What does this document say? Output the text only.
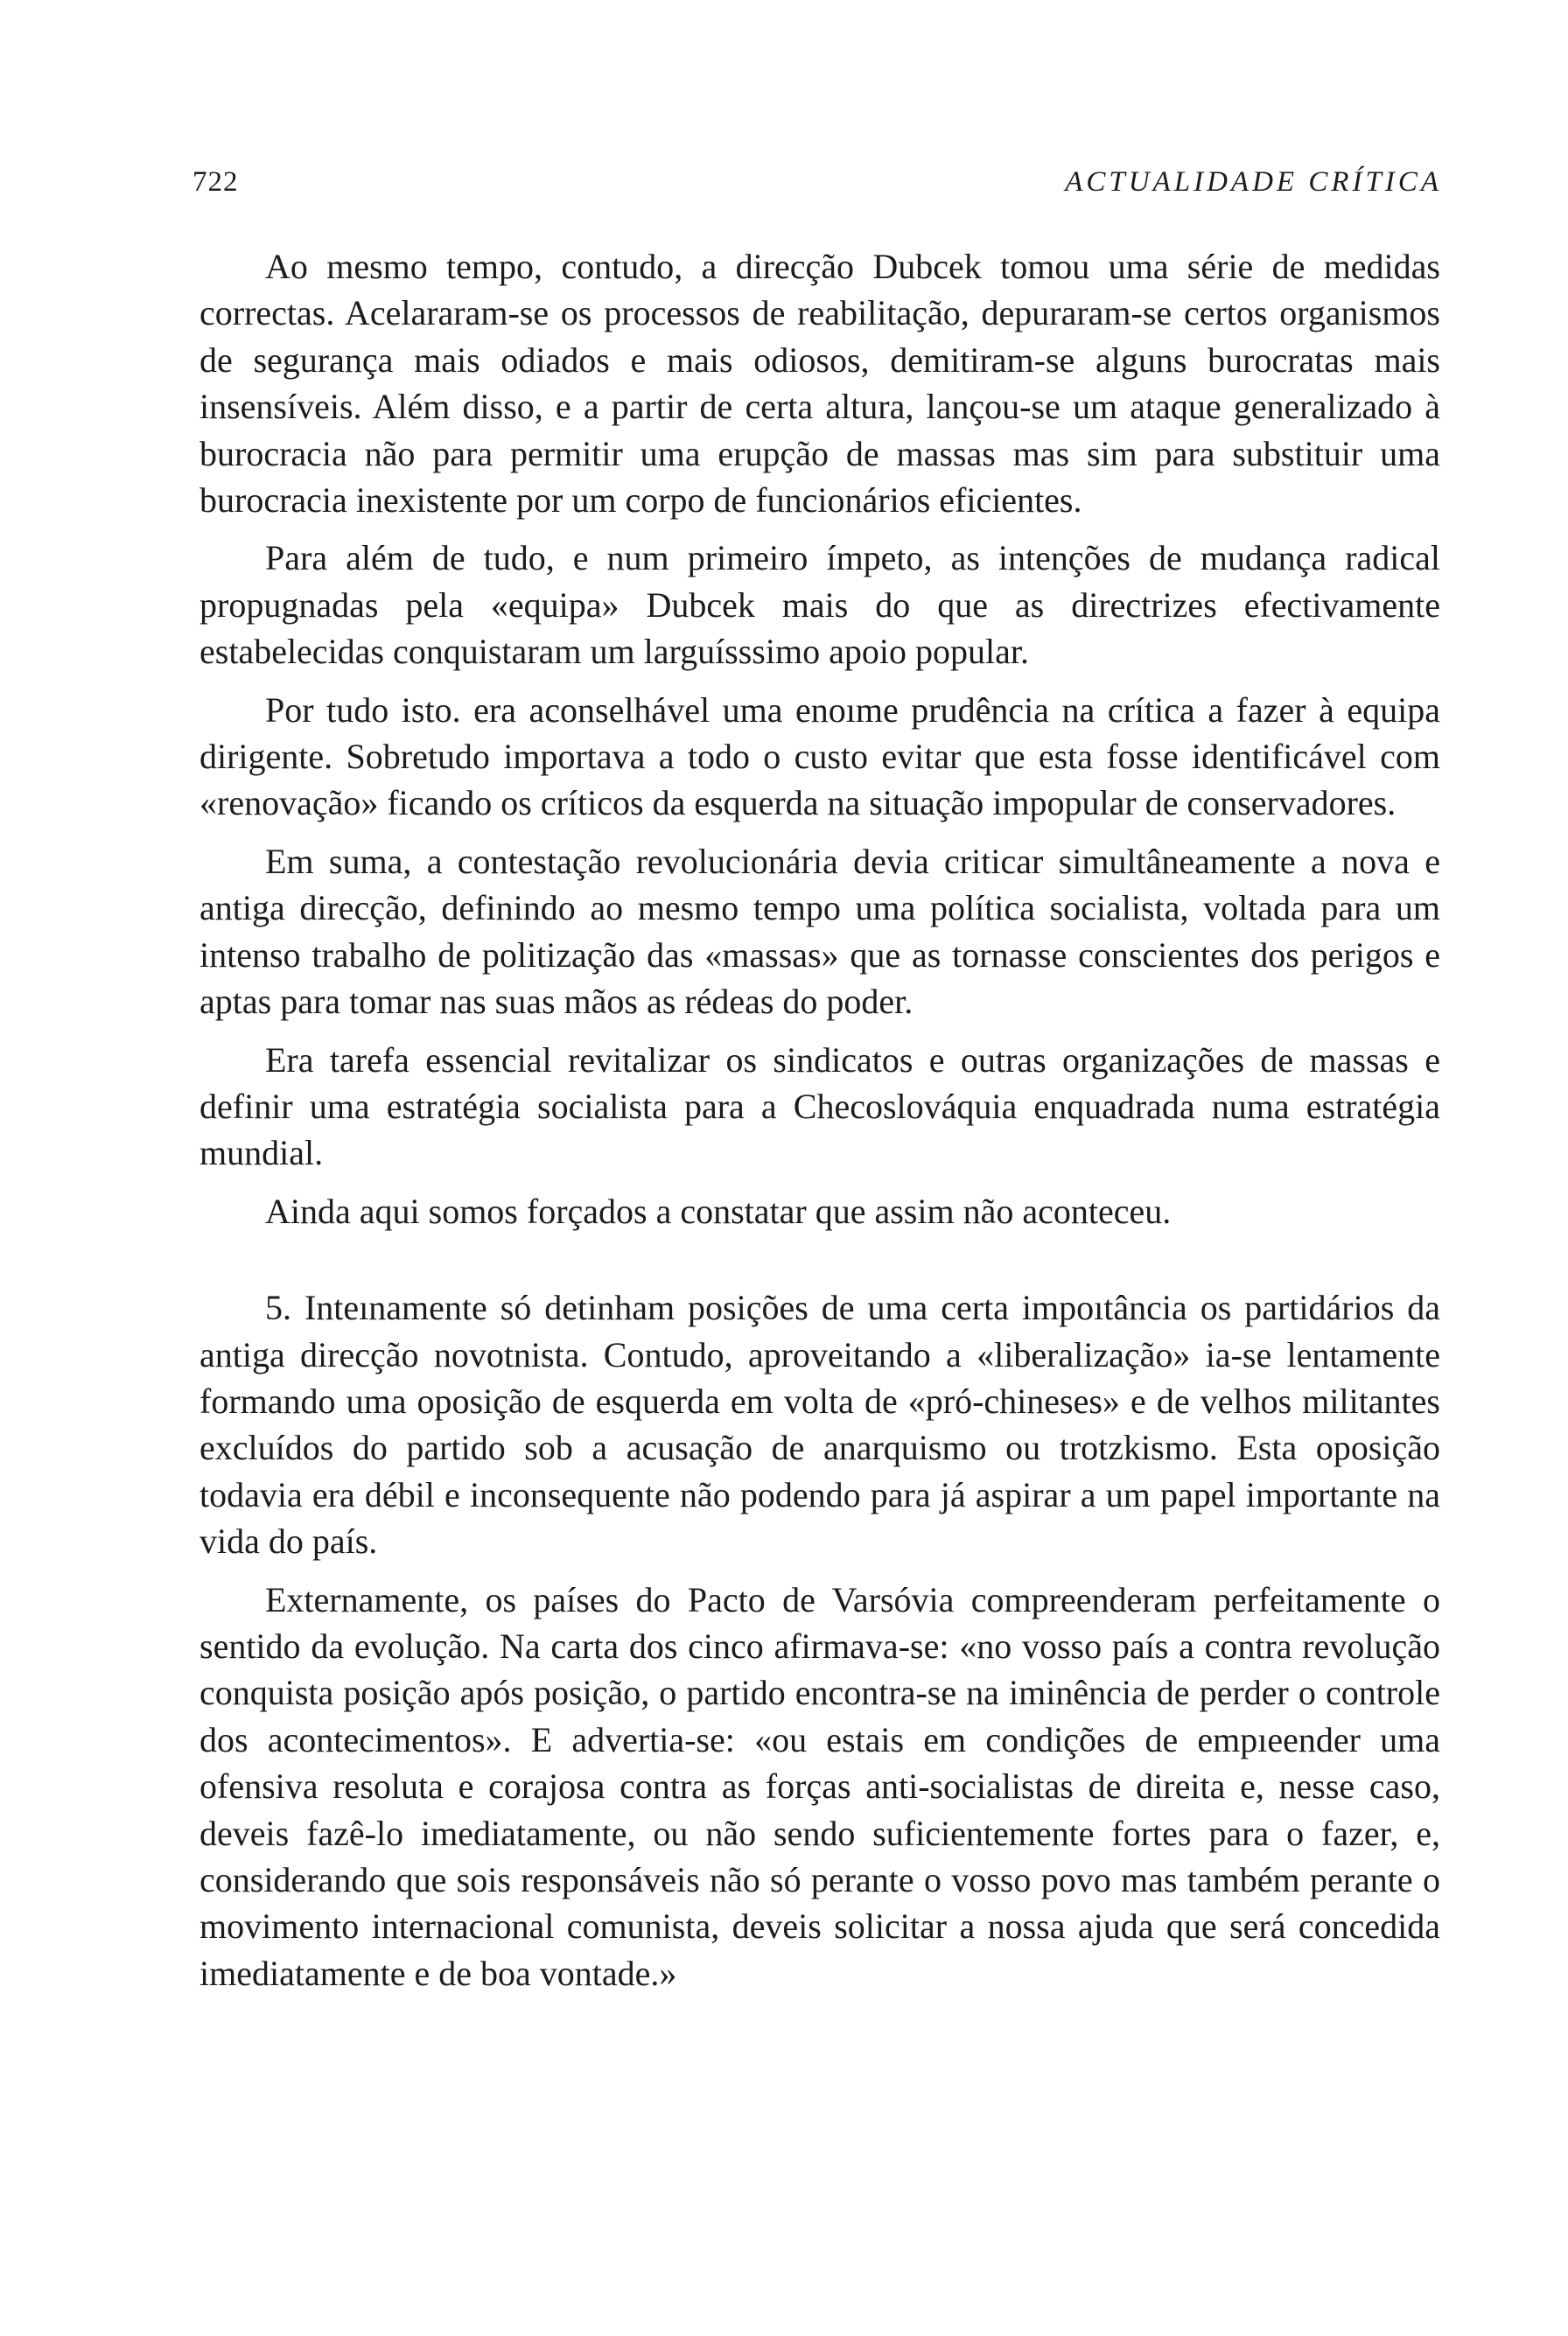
722	ACTUALIDADE CRÍTICA

Ao mesmo tempo, contudo, a direcção Dubcek tomou uma série de medidas correctas. Acelararam-se os processos de reabilitação, depuraram-se certos organismos de segurança mais odiados e mais odiosos, demitiram-se alguns burocratas mais insensíveis. Além disso, e a partir de certa altura, lançou-se um ataque generalizado à burocracia não para permitir uma erupção de massas mas sim para substituir uma burocracia inexistente por um corpo de funcionários eficientes.

Para além de tudo, e num primeiro ímpeto, as intenções de mudança radical propugnadas pela «equipa» Dubcek mais do que as directrizes efectivamente estabelecidas conquistaram um larguísssimo apoio popular.

Por tudo isto. era aconselhável uma enoıme prudência na crítica a fazer à equipa dirigente. Sobretudo importava a todo o custo evitar que esta fosse identificável com «renovação» ficando os críticos da esquerda na situação impopular de conservadores.

Em suma, a contestação revolucionária devia criticar simultâneamente a nova e antiga direcção, definindo ao mesmo tempo uma política socialista, voltada para um intenso trabalho de politização das «massas» que as tornasse conscientes dos perigos e aptas para tomar nas suas mãos as rédeas do poder.

Era tarefa essencial revitalizar os sindicatos e outras organizações de massas e definir uma estratégia socialista para a Checoslováquia enquadrada numa estratégia mundial.

Ainda aqui somos forçados a constatar que assim não aconteceu.

5. Inteınamente só detinham posições de uma certa impoıtância os partidários da antiga direcção novotnista. Contudo, aproveitando a «liberalização» ia-se lentamente formando uma oposição de esquerda em volta de «pró-chineses» e de velhos militantes excluídos do partido sob a acusação de anarquismo ou trotzkismo. Esta oposição todavia era débil e inconsequente não podendo para já aspirar a um papel importante na vida do país.

Externamente, os países do Pacto de Varsóvia compreenderam perfeitamente o sentido da evolução. Na carta dos cinco afirmava-se: «no vosso país a contra revolução conquista posição após posição, o partido encontra-se na iminência de perder o controle dos acontecimentos». E advertia-se: «ou estais em condições de empıeender uma ofensiva resoluta e corajosa contra as forças anti-socialistas de direita e, nesse caso, deveis fazê-lo imediatamente, ou não sendo suficientemente fortes para o fazer, e, considerando que sois responsáveis não só perante o vosso povo mas também perante o movimento internacional comunista, deveis solicitar a nossa ajuda que será concedida imediatamente e de boa vontade.»
